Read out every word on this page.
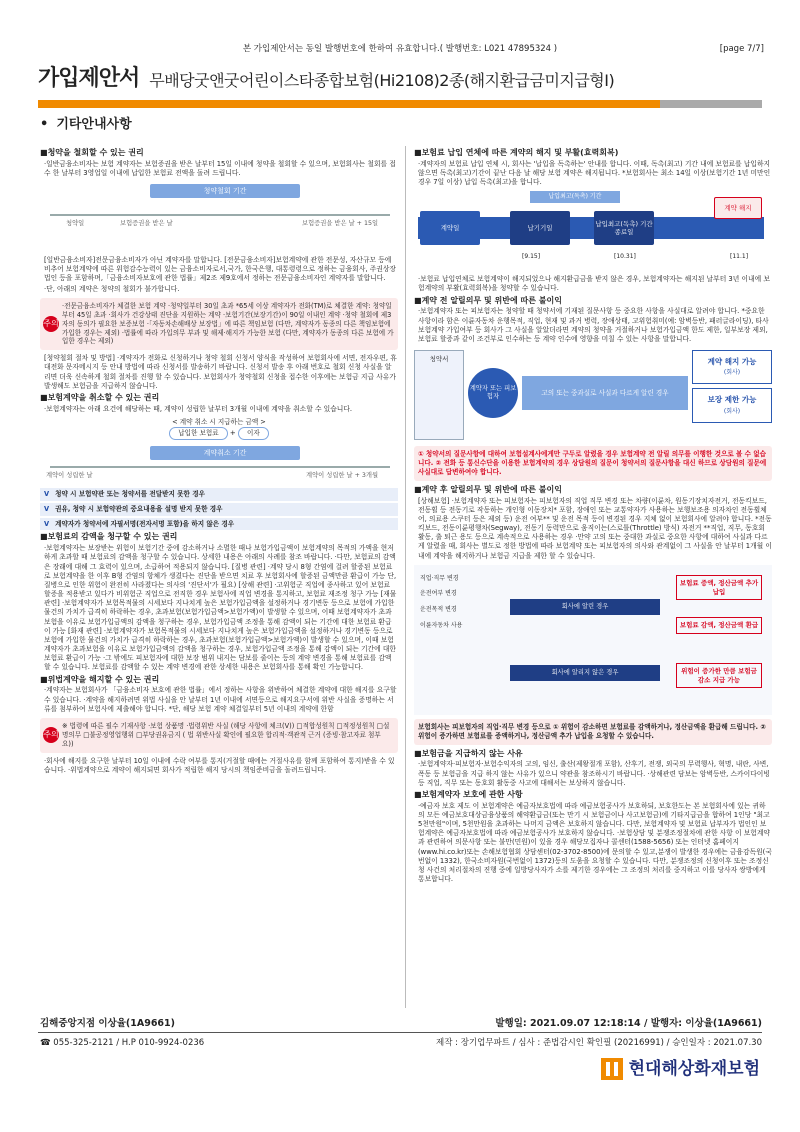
본 가입제안서는 동일 발행번호에 한하여 유효합니다.( 발행번호: L021 47895324 )	[page 7/7]
가입제안서 무배당굿앤굿어린이스타종합보험(Hi2108)2종(해지환급금미지급형Ⅰ)
• 기타안내사항
■ 청약을 철회할 수 있는 권리

·일반금융소비자는 보험 계약자는 보험증권을 받은 날부터 15일 이내에 청약을 철회할 수 있으며, 보험회사는 철회를 접수 한 날부터 3영업일 이내에 납입한 보험료 전액을 돌려 드립니다.

청약철회 기간
청약일	보험증권을 받은 날	보험증권을 받은 날 + 15일

[일반금융소비자]전문금융소비자가 아닌 계약자를 말합니다. [전문금융소비자]보험계약에 관한 전문성, 자산규모 등에 비추어 보험계약에 따른 위험감수능력이 있는 금융소비자로서,국가, 한국은행, 대통령령으로 정하는 금융회사, 주권상장법인 등을 포함하며,「금융소비자보호에 관한 법률」제2조 제9호에서 정하는 전문금융소비자인 계약자를 말합니다.

·단, 아래의 계약은 청약의 철회가 불가합니다.

주의
·전문금융소비자가 체결한 보험 계약 ·청약일부터 30일 초과 *65세 이상 계약자가 전화(TM)로 체결한 계약: 청약일부터 45일 초과 ·회사가 건강상태 진단을 지원하는 계약 ·보험기간(보장기간)이 90일 이내인 계약 ·청약 철회에 제3자의 동의가 필요한 보증보험 ·「자동차손해배상 보장법」에 따른 책임보험 (다만, 계약자가 동종의 다른 책임보험에 가입한 경우는 제외) ·법률에 따라 가입의무 부과 및 해제·해지가 가능한 보험 (다만, 계약자가 동종의 다른 보험에 가입한 경우는 제외)

[청약철회 절차 및 방법] ·계약자가 전화로 신청하거나 청약 철회 신청서 양식을 작성하여 보험회사에 서면, 전자우편, 휴대전화 문자메시지 등 안내 방법에 따라 신청서를 발송하기 바랍니다. 신청서 발송 후 아래 번호로 철회 신청 사실을 알리면 더욱 신속하게 철회 절차를 진행 할 수 있습니다. 보험회사가 청약철회 신청을 접수한 이후에는 보험금 지급 사유가 발생해도 보험금을 지급하지 않습니다.

■ 보험계약을 취소할 수 있는 권리

·보험계약자는 아래 요건에 해당하는 때, 계약이 성립한 날부터 3개월 이내에 계약을 취소할 수 있습니다.

< 계약 취소 시 지급하는 금액 >
납입한 보험료 + 이자
계약취소 기간
계약이 성립한 날	계약이 성립한 날 + 3개월
V 청약 시 보험약관 또는 청약서를 전달받지 못한 경우
V 권유, 청약 시 보험약관의 중요내용을 설명 받지 못한 경우
V 계약자가 청약서에 자필서명(전자서명 포함)을 하지 않은 경우
■ 보험료의 감액을 청구할 수 있는 권리

·보험계약자는 보장받는 위험이 보험기간 중에 감소하거나 소멸한 때나 보험가입금액이 보험계약의 목적의 가액을 현저하게 초과할 때 보험료의 감액을 청구할 수 있습니다. 상세한 내용은 아래의 사례를 참조 바랍니다. ·다만, 보험료의 감액은 장래에 대해 그 효력이 있으며, 소급하여 적용되지 않습니다. [질병 관련] ·계약 당시 8형 간염에 걸려 할증된 보험료로 보험계약을 한 이후 B형 간염의 항체가 생겼다는 진단을 받으면 치료 후 보험회사에 할증된 금액만큼 환급이 가능 단, 질병으로 인한 위험이 완전히 사라졌다는 의사의 '진단서'가 필요) [상해 관련] ·고위험군 직업에 종사하고 있어 보험료 할증을 적용받고 있다가 비위험군 직업으로 전직한 경우 보험사에 직업 변경을 통지하고, 보험료 재조정 청구 가능 [재물 관련] ·보험계약자가 보험목적물의 시세보다 지나치게 높은 보험가입금액을 설정하거나 경기변동 등으로 보험에 가입한 물건의 가치가 급격히 하락하는 경우, 초과보험(보험가입금액>보험가액)이 발생할 수 있으며, 이때 보험계약자가 초과보험을 이유로 보험가입금액의 감액을 청구하는 경우, 보험가입금액 조정을 통해 감액이 되는 기간에 대한 보험료 환급이 가능 [화재 관련] ·보험계약자가 보험목적물의 시세보다 지나치게 높은 보험가입금액을 설정하거나 경기변동 등으로 보험에 가입한 물건의 가치가 급격히 하락하는 경우, 초과보험(보험가입금액>보험가액)이 발생할 수 있으며, 이때 보험계약자가 초과보험을 이유로 보험가입금액의 감액을 청구하는 경우, 보험가입금액 조정을 통해 감액이 되는 기간에 대한 보험료 환급이 가능 ·그 밖에도 피보험자에 대한 보장 범위 내지는 담보를 줄이는 등의 계약 변경을 통해 보험료를 감액할 수 있습니다. 보험료를 감액할 수 있는 계약 변경에 관한 상세한 내용은 보험회사를 통해 확인 가능합니다.

■ 위법계약을 해지할 수 있는 권리

·계약자는 보험회사가 「금융소비자 보호에 관한 법률」에서 정하는 사항을 위반하여 체결한 계약에 대한 해지를 요구할 수 있습니다. ·계약을 해지하려면 위법 사실을 안 날부터 1년 이내에 서면등으로 해지요구서에 위반 사실을 증명하는 서류를 첨부하여 보험사에 제출해야 합니다. *단, 해당 보험 계약 체결일부터 5년 이내의 계약에 한함

주의
※ 법령에 따른 필수 기재사항 ·보험 상품명 ·법령위반 사실 (해당 사항에 체크(V)) □적합성원칙 □적정성원칙 □설명의무 □불공정영업행위 □부당권유금지 ( 법 위반사실 확인에 필요한 합리적·객관적 근거 (증빙·참고자료 첨부 요))

·회사에 해지를 요구한 날부터 10일 이내에 수락 여부를 통지(거절할 때에는 거절사유를 함께 포함하여 통지)받을 수 있습니다. ·위법계약으로 계약이 해지되면 회사가 적립한 해지 당시의 책임준비금을 돌려드립니다.

■ 보험료 납입 연체에 따른 계약의 해지 및 부활(효력회복)

·계약자의 보험료 납입 연체 시, 회사는 '납입을 독촉하는' 안내를 합니다. 이때, 독촉(최고) 기간 내에 보험료를 납입하지않으면 독촉(최고)기간이 끝난 다음 날 해당 보험 계약은 해지됩니다. *보험회사는 최소 14일 이상(보험기간 1년 미만인 경우 7일 이상) 납입 독촉(최고)을 합니다.

납입최고(독촉) 기간
계약일	납기기일
납입최고(독촉) 기간 종료일
계약 해지
[9.15]	[10.31]	[11.1]

·보험료 납입연체로 보험계약이 해지되었으나 해지환급금을 받지 않은 경우, 보험계약자는 해지된 날부터 3년 이내에 보험계약의 부활(효력회복)을 청약할 수 있습니다.

■ 계약 전 알릴의무 및 위반에 따른 불이익

·보험계약자 또는 피보험자는 청약할 때 청약서에 기재된 질문사항 등 중요한 사항을 사실대로 알려야 합니다. *중요한 사항이라 함은 이륜자동차 운행목적, 직업, 현재 및 과거 병력, 장애상태, 고위험취미(예: 암벽등반, 패러글라이딩), 타사 보험계약 가입여부 등 회사가 그 사실을 알았더라면 계약의 청약을 거절하거나 보험가입금액 한도 제한, 일부보장 제외, 보험료 할증과 같이 조건부로 인수하는 등 계약 인수에 영향을 미칠 수 있는 사항을 말합니다.

청약서
계약자 또는 피보험자	고의 또는 중과실로 사실과 다르게 알린 경우
계약 해지 가능
(회사)
보장 제한 가능
(회사)
① 청약서의 질문사항에 대하여 보험설계사에게만 구두로 알렸을 경우 보험계약 전 알릴 의무를 이행한 것으로 볼 수 없습니다. ② 전화 등 통신수단을 이용한 보험계약의 경우 상담원의 질문이 청약서의 질문사항을 대신 하므로 상담원의 질문에 사실대로 답변하여야 합니다.
■ 계약 후 알릴의무 및 위반에 따른 불이익

[상해보험] ·보험계약자 또는 피보험자는 피보험자의 직업 직무 변경 또는 차량(이륜차, 원동기장치자전거, 전동킥보드, 전동휠 등 전동기로 작동하는 개인형 이동장치* 포함, 장애인 또는 교통약자가 사용하는 보행보조용 의자차인 전동휠체어, 의료용 스쿠터 등은 제외 등) 운전 여부** 및 운전 목적 등이 변경된 경우 지체 없이 보험회사에 알려야 합니다. *전동킥보드, 전동이륜평행차(Segway), 전동기 동력만으로 움직이는(스로틀(Throttle) 방식) 자전거 **직업, 직무, 동호회 활동, 출 퇴근 용도 등으로 계속적으로 사용하는 경우 ·만약 고의 또는 중대한 과실로 중요한 사항에 대하여 사실과 다르게 알렸을 때, 회사는 별도로 정한 방법에 따라 보험계약 또는 피보험자의 의사와 관계없이 그 사실을 안 날부터 1개월 이내에 계약을 해지하거나 보험금 지급을 제한 할 수 있습니다.

직업·직무 변경
운전여부 변경
운전목적 변경
이륜자동차 사용
회사에 알린 경우
회사에 알리지 않은 경우
보험료 증액, 정산금액 추가납입
보험료 감액, 정산금액 환급
위험이 증가한 만큼 보험금 감소 지급 가능
보험회사는 피보험자의 직업·직무 변경 등으로 ① 위험이 감소하면 보험료를 감액하거나, 정산금액을 환급해 드립니다. ② 위험이 증가하면 보험료를 증액하거나, 정산금액 추가 납입을 요청할 수 있습니다.
■ 보험금을 지급하지 않는 사유

·보험계약자·피보험자·보험수익자의 고의, 임신, 출산(제왕절개 포함), 산후기, 전쟁, 외국의 무력행사, 혁명, 내란, 사변, 폭동 등 보험금을 지급 하지 않는 사유가 있으니 약관을 참조하시기 바랍니다. ·상해관련 담보는 암벽등반, 스카이다이빙 등 직업, 직무 또는 동호회 활동중 사고에 대해서는 보상하지 않습니다.

■ 보험계약자 보호에 관한 사항

·예금자 보호 제도 이 보험계약은 예금자보호법에 따라 예금보험공사가 보호하되, 보호한도는 본 보험회사에 있는 귀하의 모든 예금보호대상금융상품의 해약환급금(또는 만기 시 보험금이나 사고보험금)에 기타지급금을 합하여 1인당 "최고5천만원"이며, 5천만원을 초과하는 나머지 금액은 보호하지 않습니다. 다만, 보험계약자 및 보험료 납부자가 법인인 보험계약은 예금자보호법에 따라 예금보험공사가 보호하지 않습니다. ·보험상담 및 분쟁조정절차에 관한 사항 이 보험계약과 관련하여 의문사항 또는 불만(민원)이 있을 경우 해당모집자나 콜센터(1588-5656) 또는 인터넷 홈페이지(www.hi.co.kr)또는 손해보험협회 상담센터(02-3702-8500)에 문의할 수 있고,분쟁이 발생한 경우에는 금융감독원(국번없이 1332), 한국소비자원(국번없이 1372)등의 도움을 요청할 수 있습니다. 다만, 분쟁조정의 신청이후 또는 조정신청 사건의 처리절차의 진행 중에 일방당사자가 소를 제기한 경우에는 그 조정의 처리를 중지하고 이를 당사자 쌍방에게 통보합니다.

김해중앙지점 이상율(1A9661)	발행일: 2021.09.07 12:18:14 / 발행자: 이상율(1A9661)
☎ 055-325-2121 / H.P 010-9924-0236	제작 : 장기업무파트 / 심사 : 준법감시인 확인필 (20216991) / 승인일자 : 2021.07.30
현대해상화재보험
